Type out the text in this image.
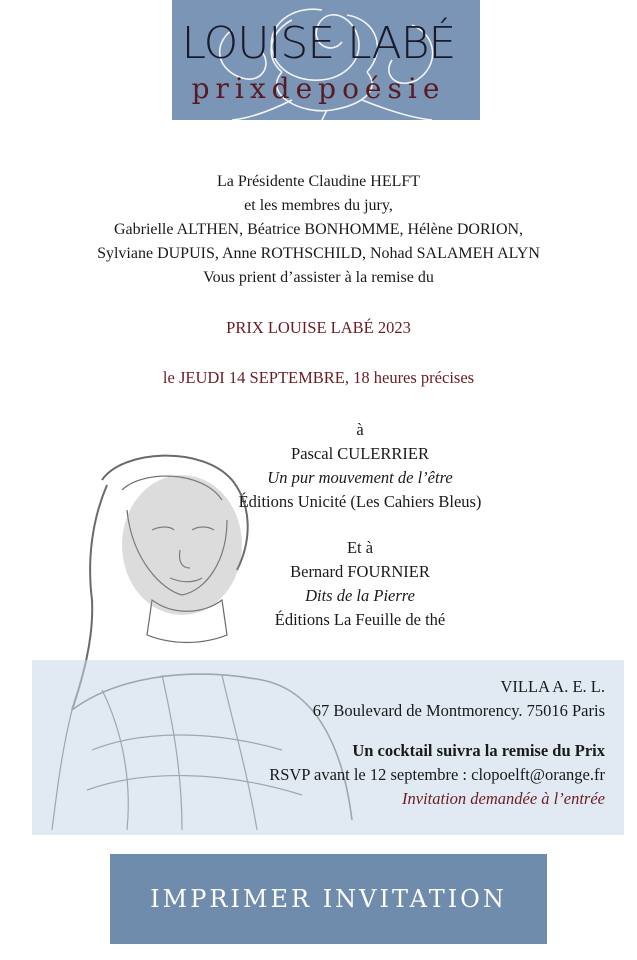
LOUISE LABÉ
prixdepoésie
La Présidente Claudine HELFT
et les membres du jury,
Gabrielle ALTHEN, Béatrice BONHOMME, Hélène DORION,
Sylviane DUPUIS, Anne ROTHSCHILD, Nohad SALAMEH ALYN
Vous prient d’assister à la remise du
PRIX LOUISE LABÉ 2023
le JEUDI 14 SEPTEMBRE, 18 heures précises
VILLA A. E. L.
67 Boulevard de Montmorency. 75016 Paris
Un cocktail suivra la remise du Prix
RSVP avant le 12 septembre : clopoelft@orange.fr
Invitation demandée à l’entrée
à
Pascal CULERRIER
Un pur mouvement de l’être
Éditions Unicité (Les Cahiers Bleus)
Et à
Bernard FOURNIER
Dits de la Pierre
Éditions La Feuille de thé
IMPRIMER INVITATION
